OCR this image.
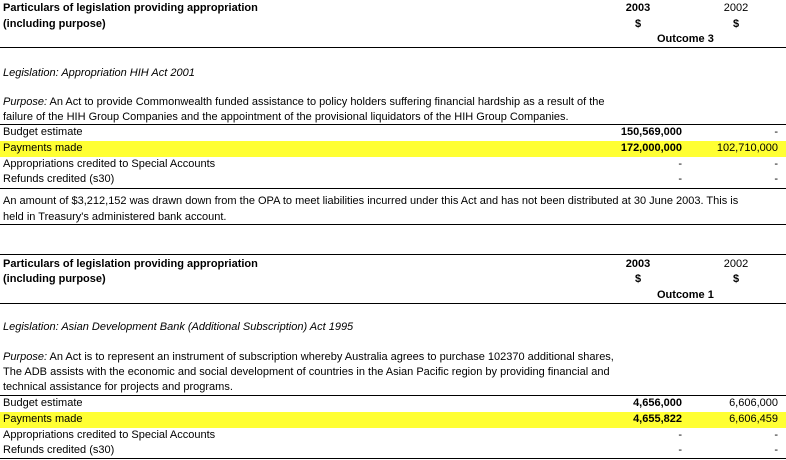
Particulars of legislation providing appropriation
(including purpose)
2003	2002
$	$
Outcome 3
Legislation: Appropriation HIH Act 2001
Purpose: An Act to provide Commonwealth funded assistance to policy holders suffering financial hardship as a result of the
failure of the HIH Group Companies and the appointment of the provisional liquidators of the HIH Group Companies.
Budget estimate	150,569,000	-
Payments made	172,000,000	102,710,000
Appropriations credited to Special Accounts	-	-
Refunds credited (s30)	-	-
An amount of $3,212,152 was drawn down from the OPA to meet liabilities incurred under this Act and has not been distributed at 30 June 2003. This is
held in Treasury's administered bank account.
Particulars of legislation providing appropriation
(including purpose)
2003	2002
$	$
Outcome 1
Legislation: Asian Development Bank (Additional Subscription) Act 1995
Purpose: An Act is to represent an instrument of subscription whereby Australia agrees to purchase 102370 additional shares,
The ADB assists with the economic and social development of countries in the Asian Pacific region by providing financial and
technical assistance for projects and programs.
Budget estimate	4,656,000	6,606,000
Payments made	4,655,822	6,606,459
Appropriations credited to Special Accounts	-	-
Refunds credited (s30)	-	-
